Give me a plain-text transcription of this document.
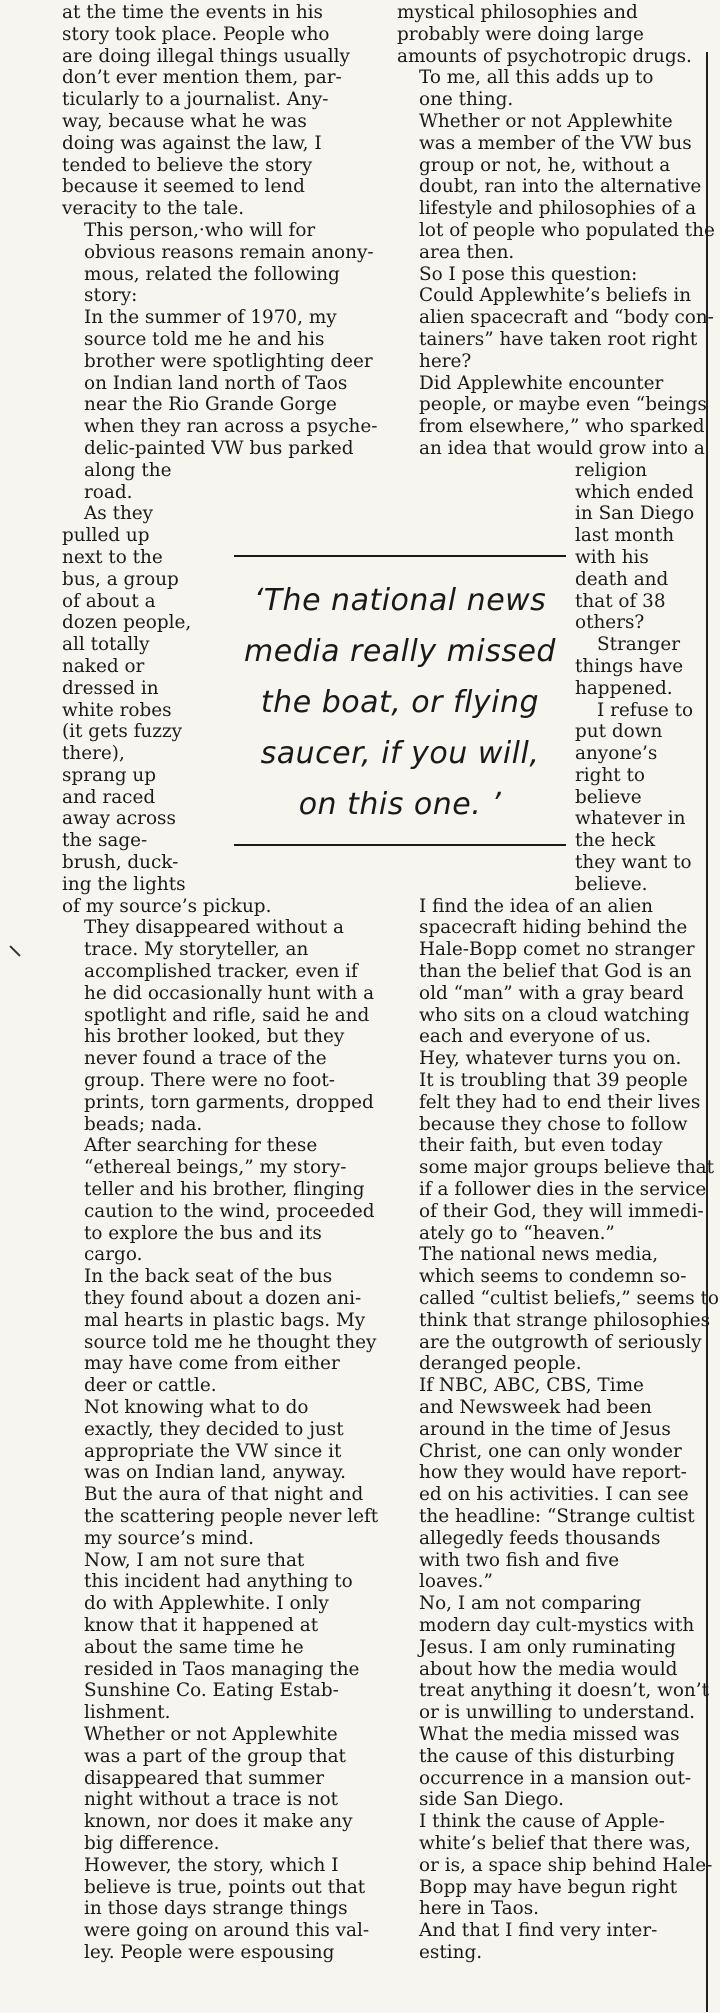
at the time the events in his
story took place. People who
are doing illegal things usually
don’t ever mention them, par-
ticularly to a journalist. Any-
way, because what he was
doing was against the law, I
tended to believe the story
because it seemed to lend
veracity to the tale.

This person,·who will for
obvious reasons remain anony-
mous, related the following
story:

In the summer of 1970, my
source told me he and his
brother were spotlighting deer
on Indian land north of Taos
near the Rio Grande Gorge
when they ran across a psyche-
delic-painted VW bus parked
along the
road.

As they
pulled up
next to the
bus, a group
of about a
dozen people,
all totally
naked or
dressed in
white robes
(it gets fuzzy
there),
sprang up
and raced
away across
the sage-
brush, duck-
ing the lights
of my source’s pickup.

They disappeared without a
trace. My storyteller, an
accomplished tracker, even if
he did occasionally hunt with a
spotlight and rifle, said he and
his brother looked, but they
never found a trace of the
group. There were no foot-
prints, torn garments, dropped
beads; nada.

After searching for these
“ethereal beings,” my story-
teller and his brother, flinging
caution to the wind, proceeded
to explore the bus and its
cargo.

In the back seat of the bus
they found about a dozen ani-
mal hearts in plastic bags. My
source told me he thought they
may have come from either
deer or cattle.

Not knowing what to do
exactly, they decided to just
appropriate the VW since it
was on Indian land, anyway.
But the aura of that night and
the scattering people never left
my source’s mind.

Now, I am not sure that
this incident had anything to
do with Applewhite. I only
know that it happened at
about the same time he
resided in Taos managing the
Sunshine Co. Eating Estab-
lishment.

Whether or not Applewhite
was a part of the group that
disappeared that summer
night without a trace is not
known, nor does it make any
big difference.

However, the story, which I
believe is true, points out that
in those days strange things
were going on around this val-
ley. People were espousing

mystical philosophies and
probably were doing large
amounts of psychotropic drugs.

To me, all this adds up to
one thing.

Whether or not Applewhite
was a member of the VW bus
group or not, he, without a
doubt, ran into the alternative
lifestyle and philosophies of a
lot of people who populated the
area then.

So I pose this question:
Could Applewhite’s beliefs in
alien spacecraft and “body con-
tainers” have taken root right
here?

Did Applewhite encounter
people, or maybe even “beings
from elsewhere,” who sparked
an idea that would grow into a

religion
which ended
in San Diego
last month
with his
death and
that of 38
others?
Stranger
things have
happened.
I refuse to
put down
anyone’s
right to
believe
whatever in
the heck
they want to
believe.

I find the idea of an alien
spacecraft hiding behind the
Hale-Bopp comet no stranger
than the belief that God is an
old “man” with a gray beard
who sits on a cloud watching
each and everyone of us.

Hey, whatever turns you on.

It is troubling that 39 people
felt they had to end their lives
because they chose to follow
their faith, but even today
some major groups believe that
if a follower dies in the service
of their God, they will immedi-
ately go to “heaven.”

The national news media,
which seems to condemn so-
called “cultist beliefs,” seems to
think that strange philosophies
are the outgrowth of seriously
deranged people.

If NBC, ABC, CBS, Time
and Newsweek had been
around in the time of Jesus
Christ, one can only wonder
how they would have report-
ed on his activities. I can see
the headline: “Strange cultist
allegedly feeds thousands
with two fish and five
loaves.”

No, I am not comparing
modern day cult-mystics with
Jesus. I am only ruminating
about how the media would
treat anything it doesn’t, won’t
or is unwilling to understand.

What the media missed was
the cause of this disturbing
occurrence in a mansion out-
side San Diego.

I think the cause of Apple-
white’s belief that there was,
or is, a space ship behind Hale-
Bopp may have begun right
here in Taos.

And that I find very inter-
esting.

‘The national news
media really missed
the boat, or flying
saucer, if you will,
on this one. ’
